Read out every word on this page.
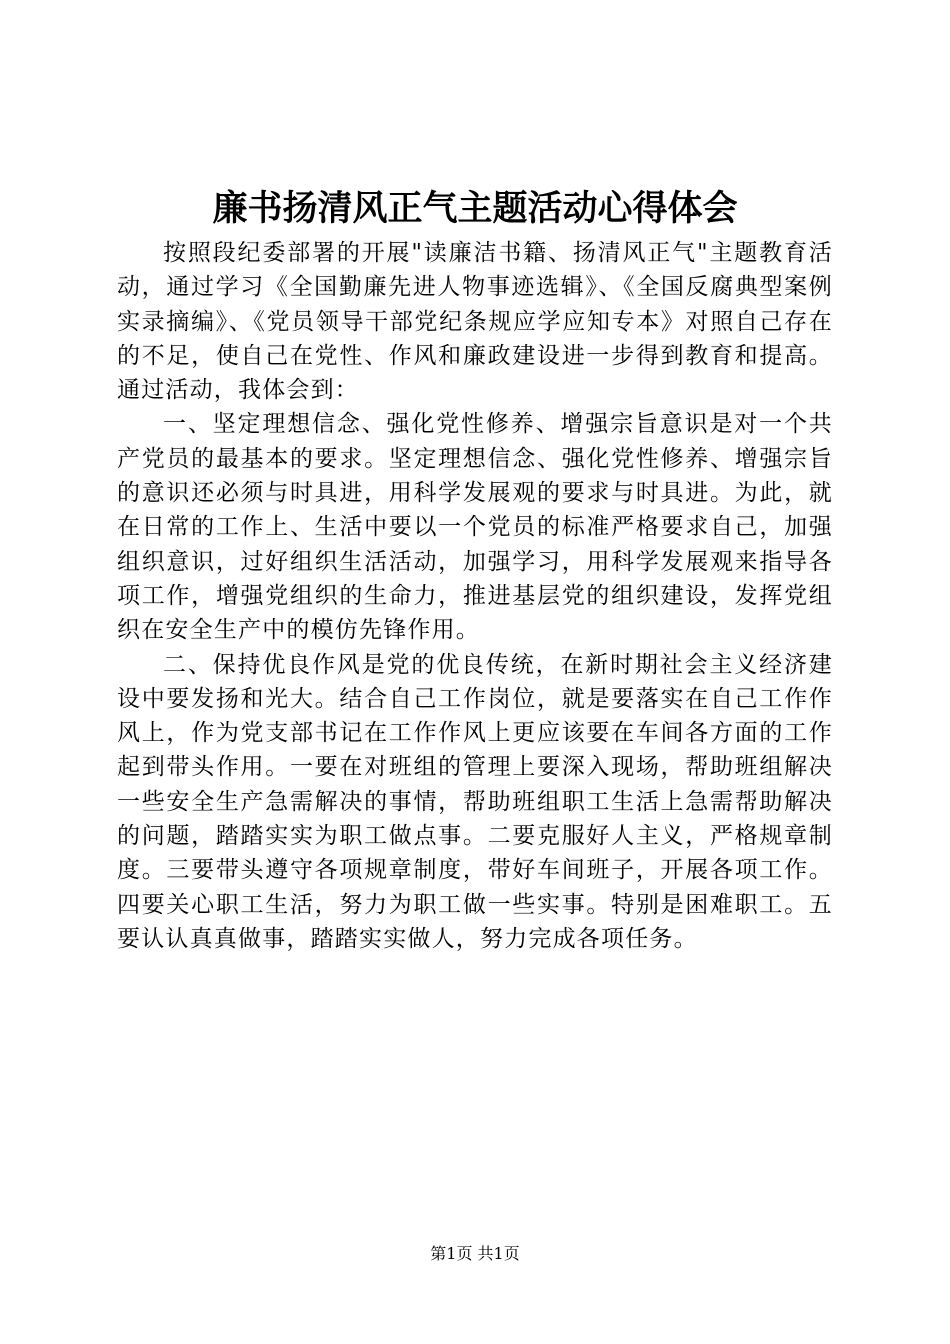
廉书扬清风正气主题活动心得体会

按照段纪委部署的开展"读廉洁书籍、扬清风正气"主题教育活动，通过学习《全国勤廉先进人物事迹选辑》、《全国反腐典型案例实录摘编》、《党员领导干部党纪条规应学应知专本》对照自己存在的不足，使自己在党性、作风和廉政建设进一步得到教育和提高。通过活动，我体会到：

一、坚定理想信念、强化党性修养、增强宗旨意识是对一个共产党员的最基本的要求。坚定理想信念、强化党性修养、增强宗旨的意识还必须与时具进，用科学发展观的要求与时具进。为此，就在日常的工作上、生活中要以一个党员的标准严格要求自己，加强组织意识，过好组织生活活动，加强学习，用科学发展观来指导各项工作，增强党组织的生命力，推进基层党的组织建设，发挥党组织在安全生产中的模仿先锋作用。

二、保持优良作风是党的优良传统，在新时期社会主义经济建设中要发扬和光大。结合自己工作岗位，就是要落实在自己工作作风上，作为党支部书记在工作作风上更应该要在车间各方面的工作起到带头作用。一要在对班组的管理上要深入现场，帮助班组解决一些安全生产急需解决的事情，帮助班组职工生活上急需帮助解决的问题，踏踏实实为职工做点事。二要克服好人主义，严格规章制度。三要带头遵守各项规章制度，带好车间班子，开展各项工作。四要关心职工生活，努力为职工做一些实事。特别是困难职工。五要认认真真做事，踏踏实实做人，努力完成各项任务。

第1页 共1页
